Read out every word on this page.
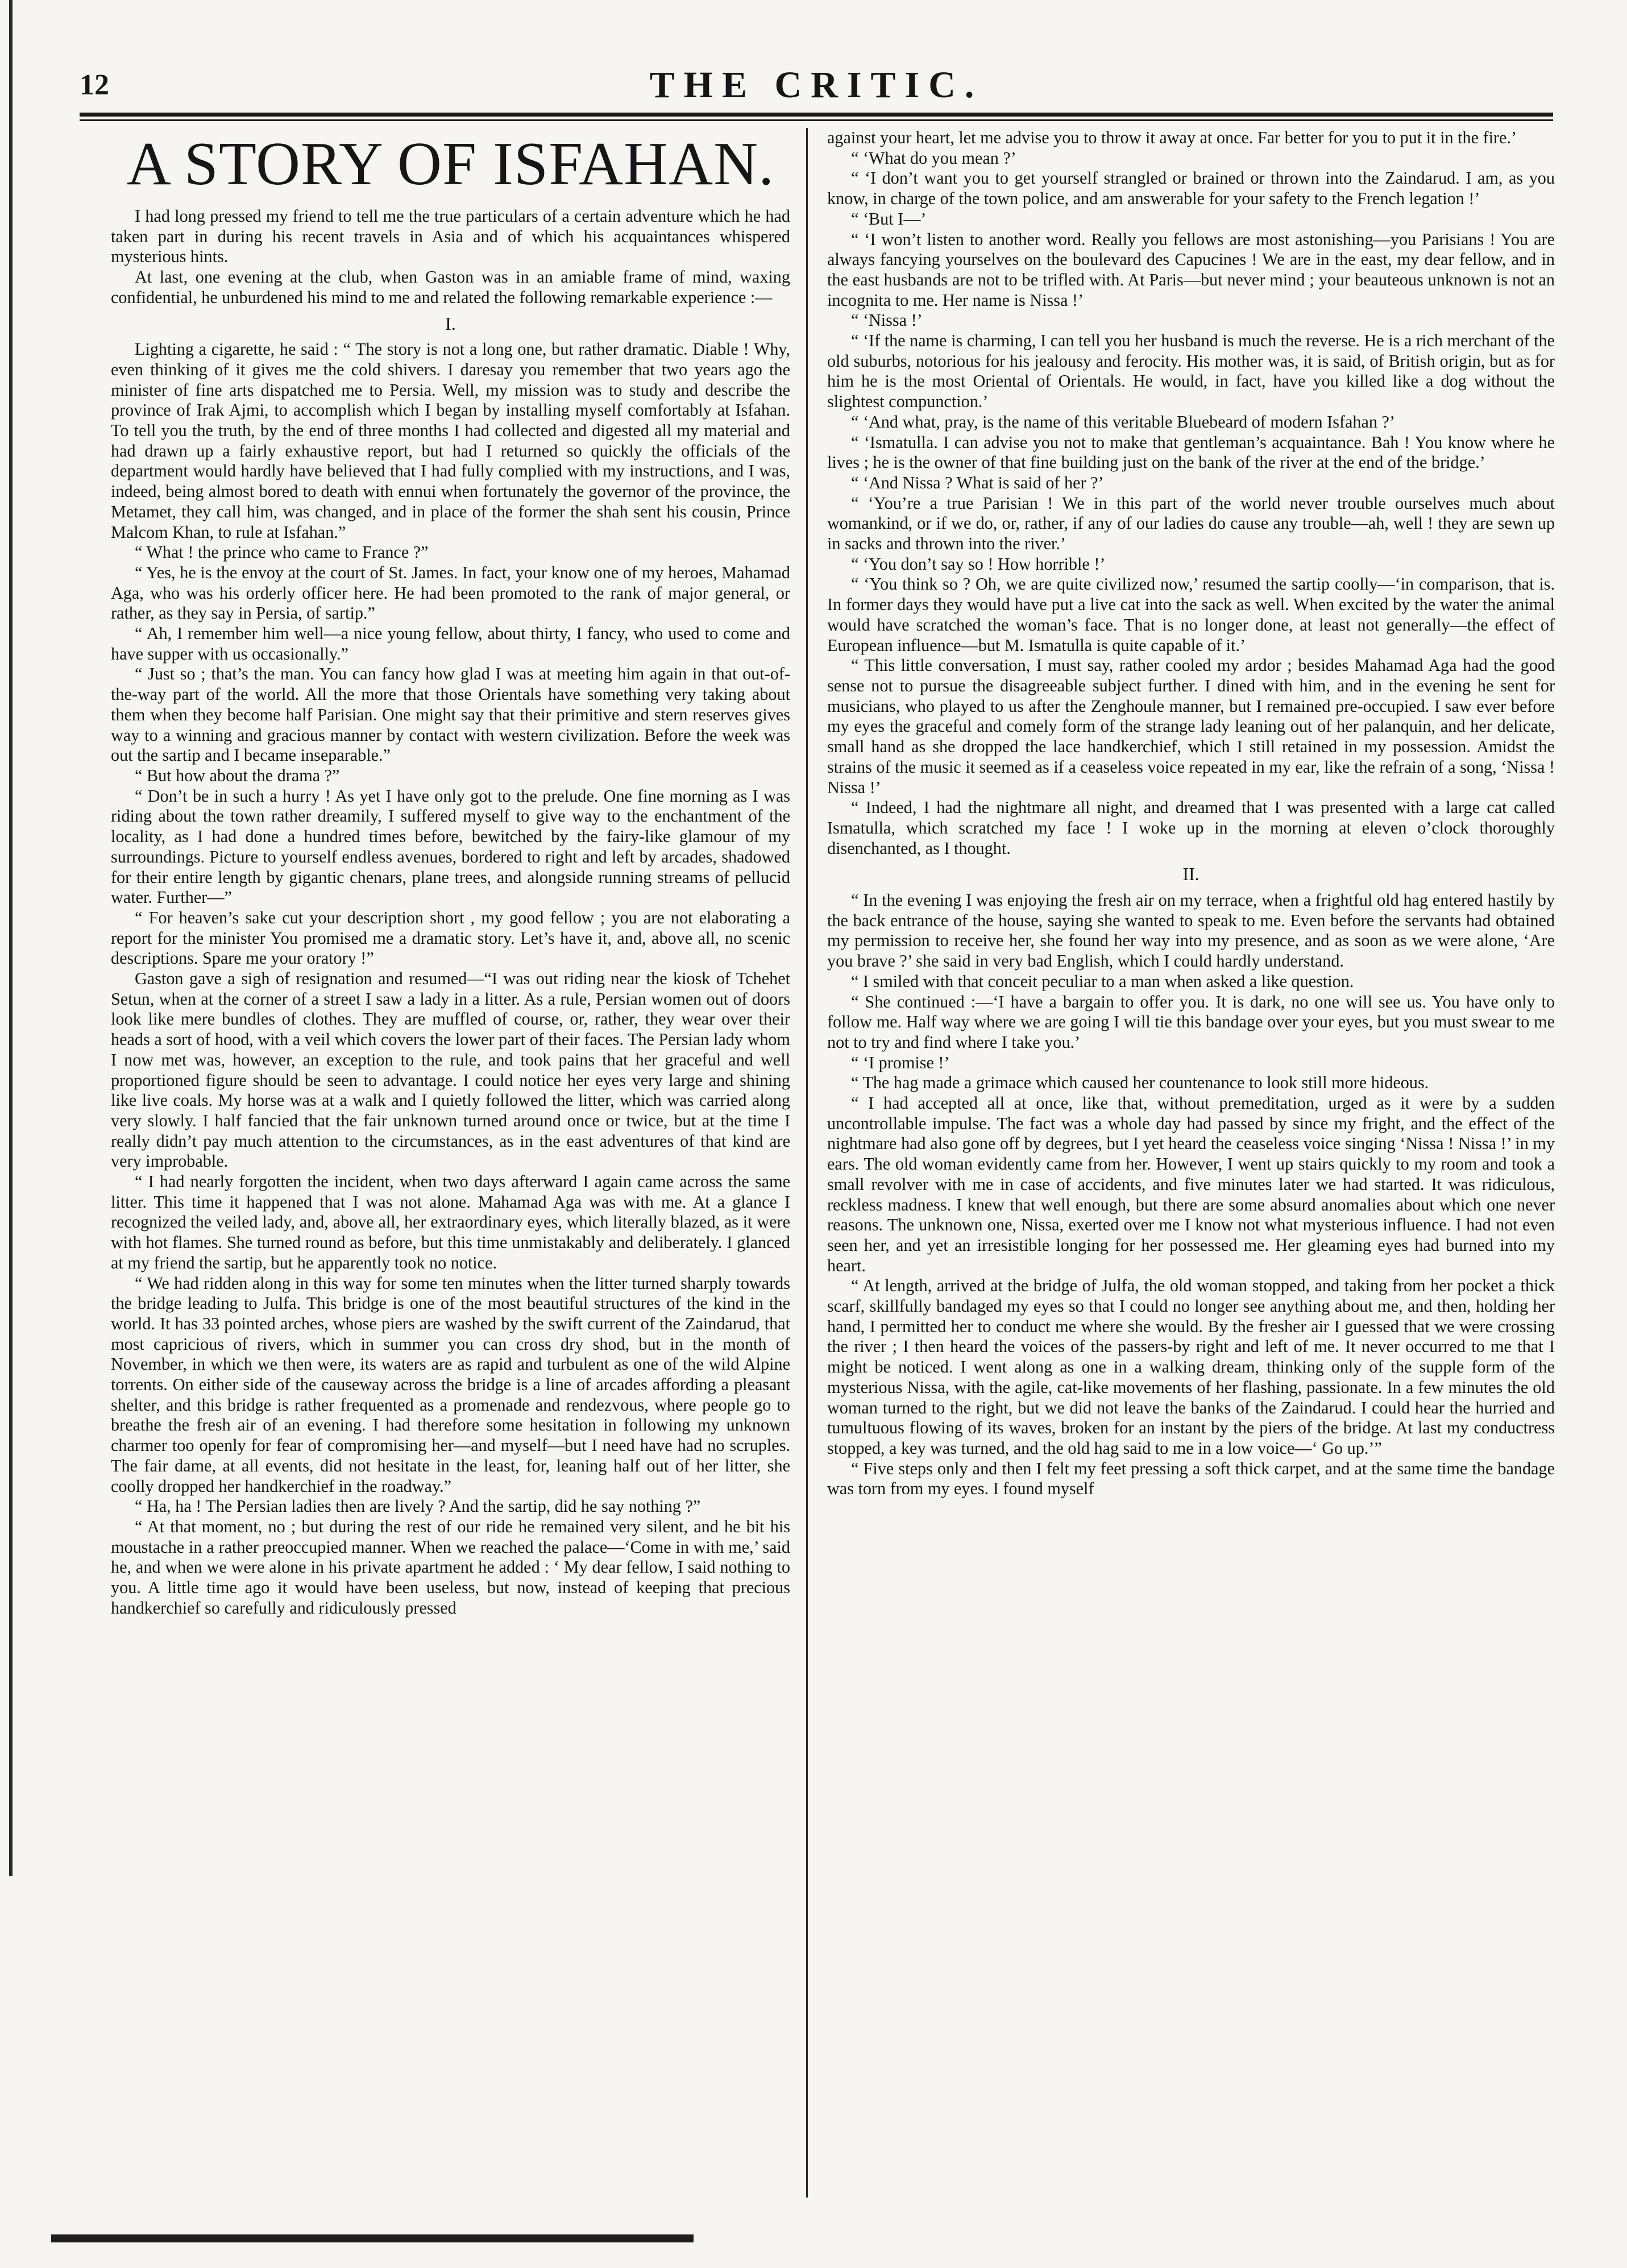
12	THE CRITIC.
A STORY OF ISFAHAN.

I had long pressed my friend to tell me the true particulars of a certain adventure which he had taken part in during his recent travels in Asia and of which his acquaintances whispered mysterious hints.

At last, one evening at the club, when Gaston was in an amiable frame of mind, waxing confidential, he unburdened his mind to me and related the following remarkable experience :—

I.

Lighting a cigarette, he said : “ The story is not a long one, but rather dramatic. Diable ! Why, even thinking of it gives me the cold shivers. I daresay you remember that two years ago the minister of fine arts dispatched me to Persia. Well, my mission was to study and describe the province of Irak Ajmi, to accomplish which I began by installing myself comfortably at Isfahan. To tell you the truth, by the end of three months I had collected and digested all my material and had drawn up a fairly exhaustive report, but had I returned so quickly the officials of the department would hardly have believed that I had fully complied with my instructions, and I was, indeed, being almost bored to death with ennui when fortunately the governor of the province, the Metamet, they call him, was changed, and in place of the former the shah sent his cousin, Prince Malcom Khan, to rule at Isfahan.”

“ What ! the prince who came to France ?”

“ Yes, he is the envoy at the court of St. James. In fact, your know one of my heroes, Mahamad Aga, who was his orderly officer here. He had been promoted to the rank of major general, or rather, as they say in Persia, of sartip.”

“ Ah, I remember him well—a nice young fellow, about thirty, I fancy, who used to come and have supper with us occasionally.”

“ Just so ; that’s the man. You can fancy how glad I was at meeting him again in that out-of-the-way part of the world. All the more that those Orientals have something very taking about them when they become half Parisian. One might say that their primitive and stern reserves gives way to a winning and gracious manner by contact with western civilization. Before the week was out the sartip and I became inseparable.”

“ But how about the drama ?”

“ Don’t be in such a hurry ! As yet I have only got to the prelude. One fine morning as I was riding about the town rather dreamily, I suffered myself to give way to the enchantment of the locality, as I had done a hundred times before, bewitched by the fairy-like glamour of my surroundings. Picture to yourself endless avenues, bordered to right and left by arcades, shadowed for their entire length by gigantic chenars, plane trees, and alongside running streams of pellucid water. Further—”

“ For heaven’s sake cut your description short , my good fellow ; you are not elaborating a report for the minister You promised me a dramatic story. Let’s have it, and, above all, no scenic descriptions. Spare me your oratory !”

Gaston gave a sigh of resignation and resumed—“I was out riding near the kiosk of Tchehet Setun, when at the corner of a street I saw a lady in a litter. As a rule, Persian women out of doors look like mere bundles of clothes. They are muffled of course, or, rather, they wear over their heads a sort of hood, with a veil which covers the lower part of their faces. The Persian lady whom I now met was, however, an exception to the rule, and took pains that her graceful and well proportioned figure should be seen to advantage. I could notice her eyes very large and shining like live coals. My horse was at a walk and I quietly followed the litter, which was carried along very slowly. I half fancied that the fair unknown turned around once or twice, but at the time I really didn’t pay much attention to the circumstances, as in the east adventures of that kind are very improbable.

“ I had nearly forgotten the incident, when two days afterward I again came across the same litter. This time it happened that I was not alone. Mahamad Aga was with me. At a glance I recognized the veiled lady, and, above all, her extraordinary eyes, which literally blazed, as it were with hot flames. She turned round as before, but this time unmistakably and deliberately. I glanced at my friend the sartip, but he apparently took no notice.

“ We had ridden along in this way for some ten minutes when the litter turned sharply towards the bridge leading to Julfa. This bridge is one of the most beautiful structures of the kind in the world. It has 33 pointed arches, whose piers are washed by the swift current of the Zaindarud, that most capricious of rivers, which in summer you can cross dry shod, but in the month of November, in which we then were, its waters are as rapid and turbulent as one of the wild Alpine torrents. On either side of the causeway across the bridge is a line of arcades affording a pleasant shelter, and this bridge is rather frequented as a promenade and rendezvous, where people go to breathe the fresh air of an evening. I had therefore some hesitation in following my unknown charmer too openly for fear of compromising her—and myself—but I need have had no scruples. The fair dame, at all events, did not hesitate in the least, for, leaning half out of her litter, she coolly dropped her handkerchief in the roadway.”

“ Ha, ha ! The Persian ladies then are lively ? And the sartip, did he say nothing ?”

“ At that moment, no ; but during the rest of our ride he remained very silent, and he bit his moustache in a rather preoccupied manner. When we reached the palace—‘Come in with me,’ said he, and when we were alone in his private apartment he added : ‘ My dear fellow, I said nothing to you. A little time ago it would have been useless, but now, instead of keeping that precious handkerchief so carefully and ridiculously pressed

against your heart, let me advise you to throw it away at once. Far better for you to put it in the fire.’

“ ‘What do you mean ?’

“ ‘I don’t want you to get yourself strangled or brained or thrown into the Zaindarud. I am, as you know, in charge of the town police, and am answerable for your safety to the French legation !’

“ ‘But I—’

“ ‘I won’t listen to another word. Really you fellows are most astonishing—you Parisians ! You are always fancying yourselves on the boulevard des Capucines ! We are in the east, my dear fellow, and in the east husbands are not to be trifled with. At Paris—but never mind ; your beauteous unknown is not an incognita to me. Her name is Nissa !’

“ ‘Nissa !’

“ ‘If the name is charming, I can tell you her husband is much the reverse. He is a rich merchant of the old suburbs, notorious for his jealousy and ferocity. His mother was, it is said, of British origin, but as for him he is the most Oriental of Orientals. He would, in fact, have you killed like a dog without the slightest compunction.’

“ ‘And what, pray, is the name of this veritable Bluebeard of modern Isfahan ?’

“ ‘Ismatulla. I can advise you not to make that gentleman’s acquaintance. Bah ! You know where he lives ; he is the owner of that fine building just on the bank of the river at the end of the bridge.’

“ ‘And Nissa ? What is said of her ?’

“ ‘You’re a true Parisian ! We in this part of the world never trouble ourselves much about womankind, or if we do, or, rather, if any of our ladies do cause any trouble—ah, well ! they are sewn up in sacks and thrown into the river.’

“ ‘You don’t say so ! How horrible !’

“ ‘You think so ? Oh, we are quite civilized now,’ resumed the sartip coolly—‘in comparison, that is. In former days they would have put a live cat into the sack as well. When excited by the water the animal would have scratched the woman’s face. That is no longer done, at least not generally—the effect of European influence—but M. Ismatulla is quite capable of it.’

“ This little conversation, I must say, rather cooled my ardor ; besides Mahamad Aga had the good sense not to pursue the disagreeable subject further. I dined with him, and in the evening he sent for musicians, who played to us after the Zenghoule manner, but I remained pre-occupied. I saw ever before my eyes the graceful and comely form of the strange lady leaning out of her palanquin, and her delicate, small hand as she dropped the lace handkerchief, which I still retained in my possession. Amidst the strains of the music it seemed as if a ceaseless voice repeated in my ear, like the refrain of a song, ‘Nissa ! Nissa !’

“ Indeed, I had the nightmare all night, and dreamed that I was presented with a large cat called Ismatulla, which scratched my face ! I woke up in the morning at eleven o’clock thoroughly disenchanted, as I thought.

II.

“ In the evening I was enjoying the fresh air on my terrace, when a frightful old hag entered hastily by the back entrance of the house, saying she wanted to speak to me. Even before the servants had obtained my permission to receive her, she found her way into my presence, and as soon as we were alone, ‘Are you brave ?’ she said in very bad English, which I could hardly understand.

“ I smiled with that conceit peculiar to a man when asked a like question.

“ She continued :—‘I have a bargain to offer you. It is dark, no one will see us. You have only to follow me. Half way where we are going I will tie this bandage over your eyes, but you must swear to me not to try and find where I take you.’

“ ‘I promise !’

“ The hag made a grimace which caused her countenance to look still more hideous.

“ I had accepted all at once, like that, without premeditation, urged as it were by a sudden uncontrollable impulse. The fact was a whole day had passed by since my fright, and the effect of the nightmare had also gone off by degrees, but I yet heard the ceaseless voice singing ‘Nissa ! Nissa !’ in my ears. The old woman evidently came from her. However, I went up stairs quickly to my room and took a small revolver with me in case of accidents, and five minutes later we had started. It was ridiculous, reckless madness. I knew that well enough, but there are some absurd anomalies about which one never reasons. The unknown one, Nissa, exerted over me I know not what mysterious influence. I had not even seen her, and yet an irresistible longing for her possessed me. Her gleaming eyes had burned into my heart.

“ At length, arrived at the bridge of Julfa, the old woman stopped, and taking from her pocket a thick scarf, skillfully bandaged my eyes so that I could no longer see anything about me, and then, holding her hand, I permitted her to conduct me where she would. By the fresher air I guessed that we were crossing the river ; I then heard the voices of the passers-by right and left of me. It never occurred to me that I might be noticed. I went along as one in a walking dream, thinking only of the supple form of the mysterious Nissa, with the agile, cat-like movements of her flashing, passionate. In a few minutes the old woman turned to the right, but we did not leave the banks of the Zaindarud. I could hear the hurried and tumultuous flowing of its waves, broken for an instant by the piers of the bridge. At last my conductress stopped, a key was turned, and the old hag said to me in a low voice—‘ Go up.’”

“ Five steps only and then I felt my feet pressing a soft thick carpet, and at the same time the bandage was torn from my eyes. I found myself
